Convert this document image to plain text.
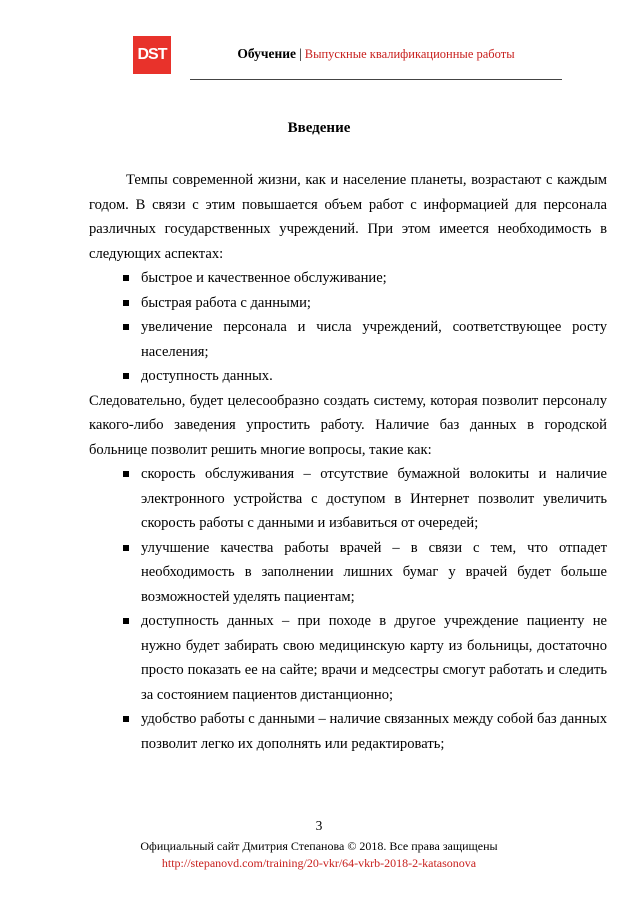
DST	Обучение | Выпускные квалификационные работы
Введение

Темпы современной жизни, как и население планеты, возрастают с каждым годом. В связи с этим повышается объем работ с информацией для персонала различных государственных учреждений. При этом имеется необходимость в следующих аспектах:

быстрое и качественное обслуживание;
быстрая работа с данными;
увеличение персонала и числа учреждений, соответствующее росту населения;
доступность данных.

Следовательно, будет целесообразно создать систему, которая позволит персоналу какого-либо заведения упростить работу. Наличие баз данных в городской больнице позволит решить многие вопросы, такие как:

скорость обслуживания – отсутствие бумажной волокиты и наличие электронного устройства с доступом в Интернет позволит увеличить скорость работы с данными и избавиться от очередей;
улучшение качества работы врачей – в связи с тем, что отпадет необходимость в заполнении лишних бумаг у врачей будет больше возможностей уделять пациентам;
доступность данных – при походе в другое учреждение пациенту не нужно будет забирать свою медицинскую карту из больницы, достаточно просто показать ее на сайте; врачи и медсестры смогут работать и следить за состоянием пациентов дистанционно;
удобство работы с данными – наличие связанных между собой баз данных позволит легко их дополнять или редактировать;
3
Официальный сайт Дмитрия Степанова © 2018. Все права защищены
http://stepanovd.com/training/20-vkr/64-vkrb-2018-2-katasonova
